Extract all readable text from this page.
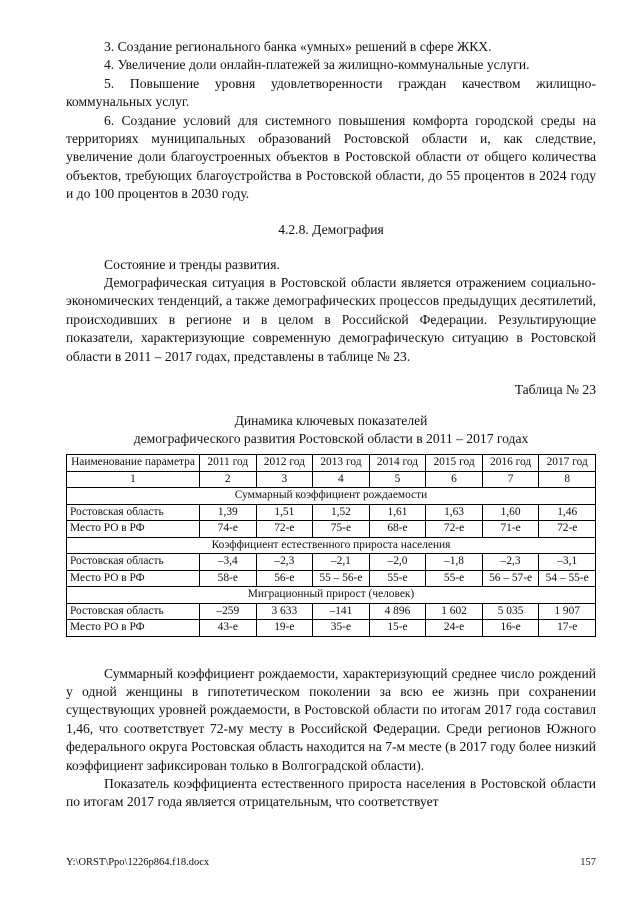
3. Создание регионального банка «умных» решений в сфере ЖКХ.

4. Увеличение доли онлайн-платежей за жилищно-коммунальные услуги.

5. Повышение уровня удовлетворенности граждан качеством жилищно-коммунальных услуг.

6. Создание условий для системного повышения комфорта городской среды на территориях муниципальных образований Ростовской области и, как следствие, увеличение доли благоустроенных объектов в Ростовской области от общего количества объектов, требующих благоустройства в Ростовской области, до 55 процентов в 2024 году и до 100 процентов в 2030 году.

4.2.8. Демография

Состояние и тренды развития.

Демографическая ситуация в Ростовской области является отражением социально-экономических тенденций, а также демографических процессов предыдущих десятилетий, происходивших в регионе и в целом в Российской Федерации. Результирующие показатели, характеризующие современную демографическую ситуацию в Ростовской области в 2011 – 2017 годах, представлены в таблице № 23.

Таблица № 23
Динамика ключевых показателей
демографического развития Ростовской области в 2011 – 2017 годах
Наименование параметра	2011 год	2012 год	2013 год	2014 год	2015 год	2016 год	2017 год
1	2	3	4	5	6	7	8
Суммарный коэффициент рождаемости							
Ростовская область	1,39	1,51	1,52	1,61	1,63	1,60	1,46
Место РО в РФ	74-е	72-е	75-е	68-е	72-е	71-е	72-е
Коэффициент естественного прироста населения							
Ростовская область	–3,4	–2,3	–2,1	–2,0	–1,8	–2,3	–3,1
Место РО в РФ	58-е	56-е	55 – 56-е	55-е	55-е	56 – 57-е	54 – 55-е
Миграционный прирост (человек)							
Ростовская область	–259	3 633	–141	4 896	1 602	5 035	1 907
Место РО в РФ	43-е	19-е	35-е	15-е	24-е	16-е	17-е

Суммарный коэффициент рождаемости, характеризующий среднее число рождений у одной женщины в гипотетическом поколении за всю ее жизнь при сохранении существующих уровней рождаемости, в Ростовской области по итогам 2017 года составил 1,46, что соответствует 72-му месту в Российской Федерации. Среди регионов Южного федерального округа Ростовская область находится на 7-м месте (в 2017 году более низкий коэффициент зафиксирован только в Волгоградской области).

Показатель коэффициента естественного прироста населения в Ростовской области по итогам 2017 года является отрицательным, что соответствует

Y:\ORST\Ppo\1226p864.f18.docx	157
